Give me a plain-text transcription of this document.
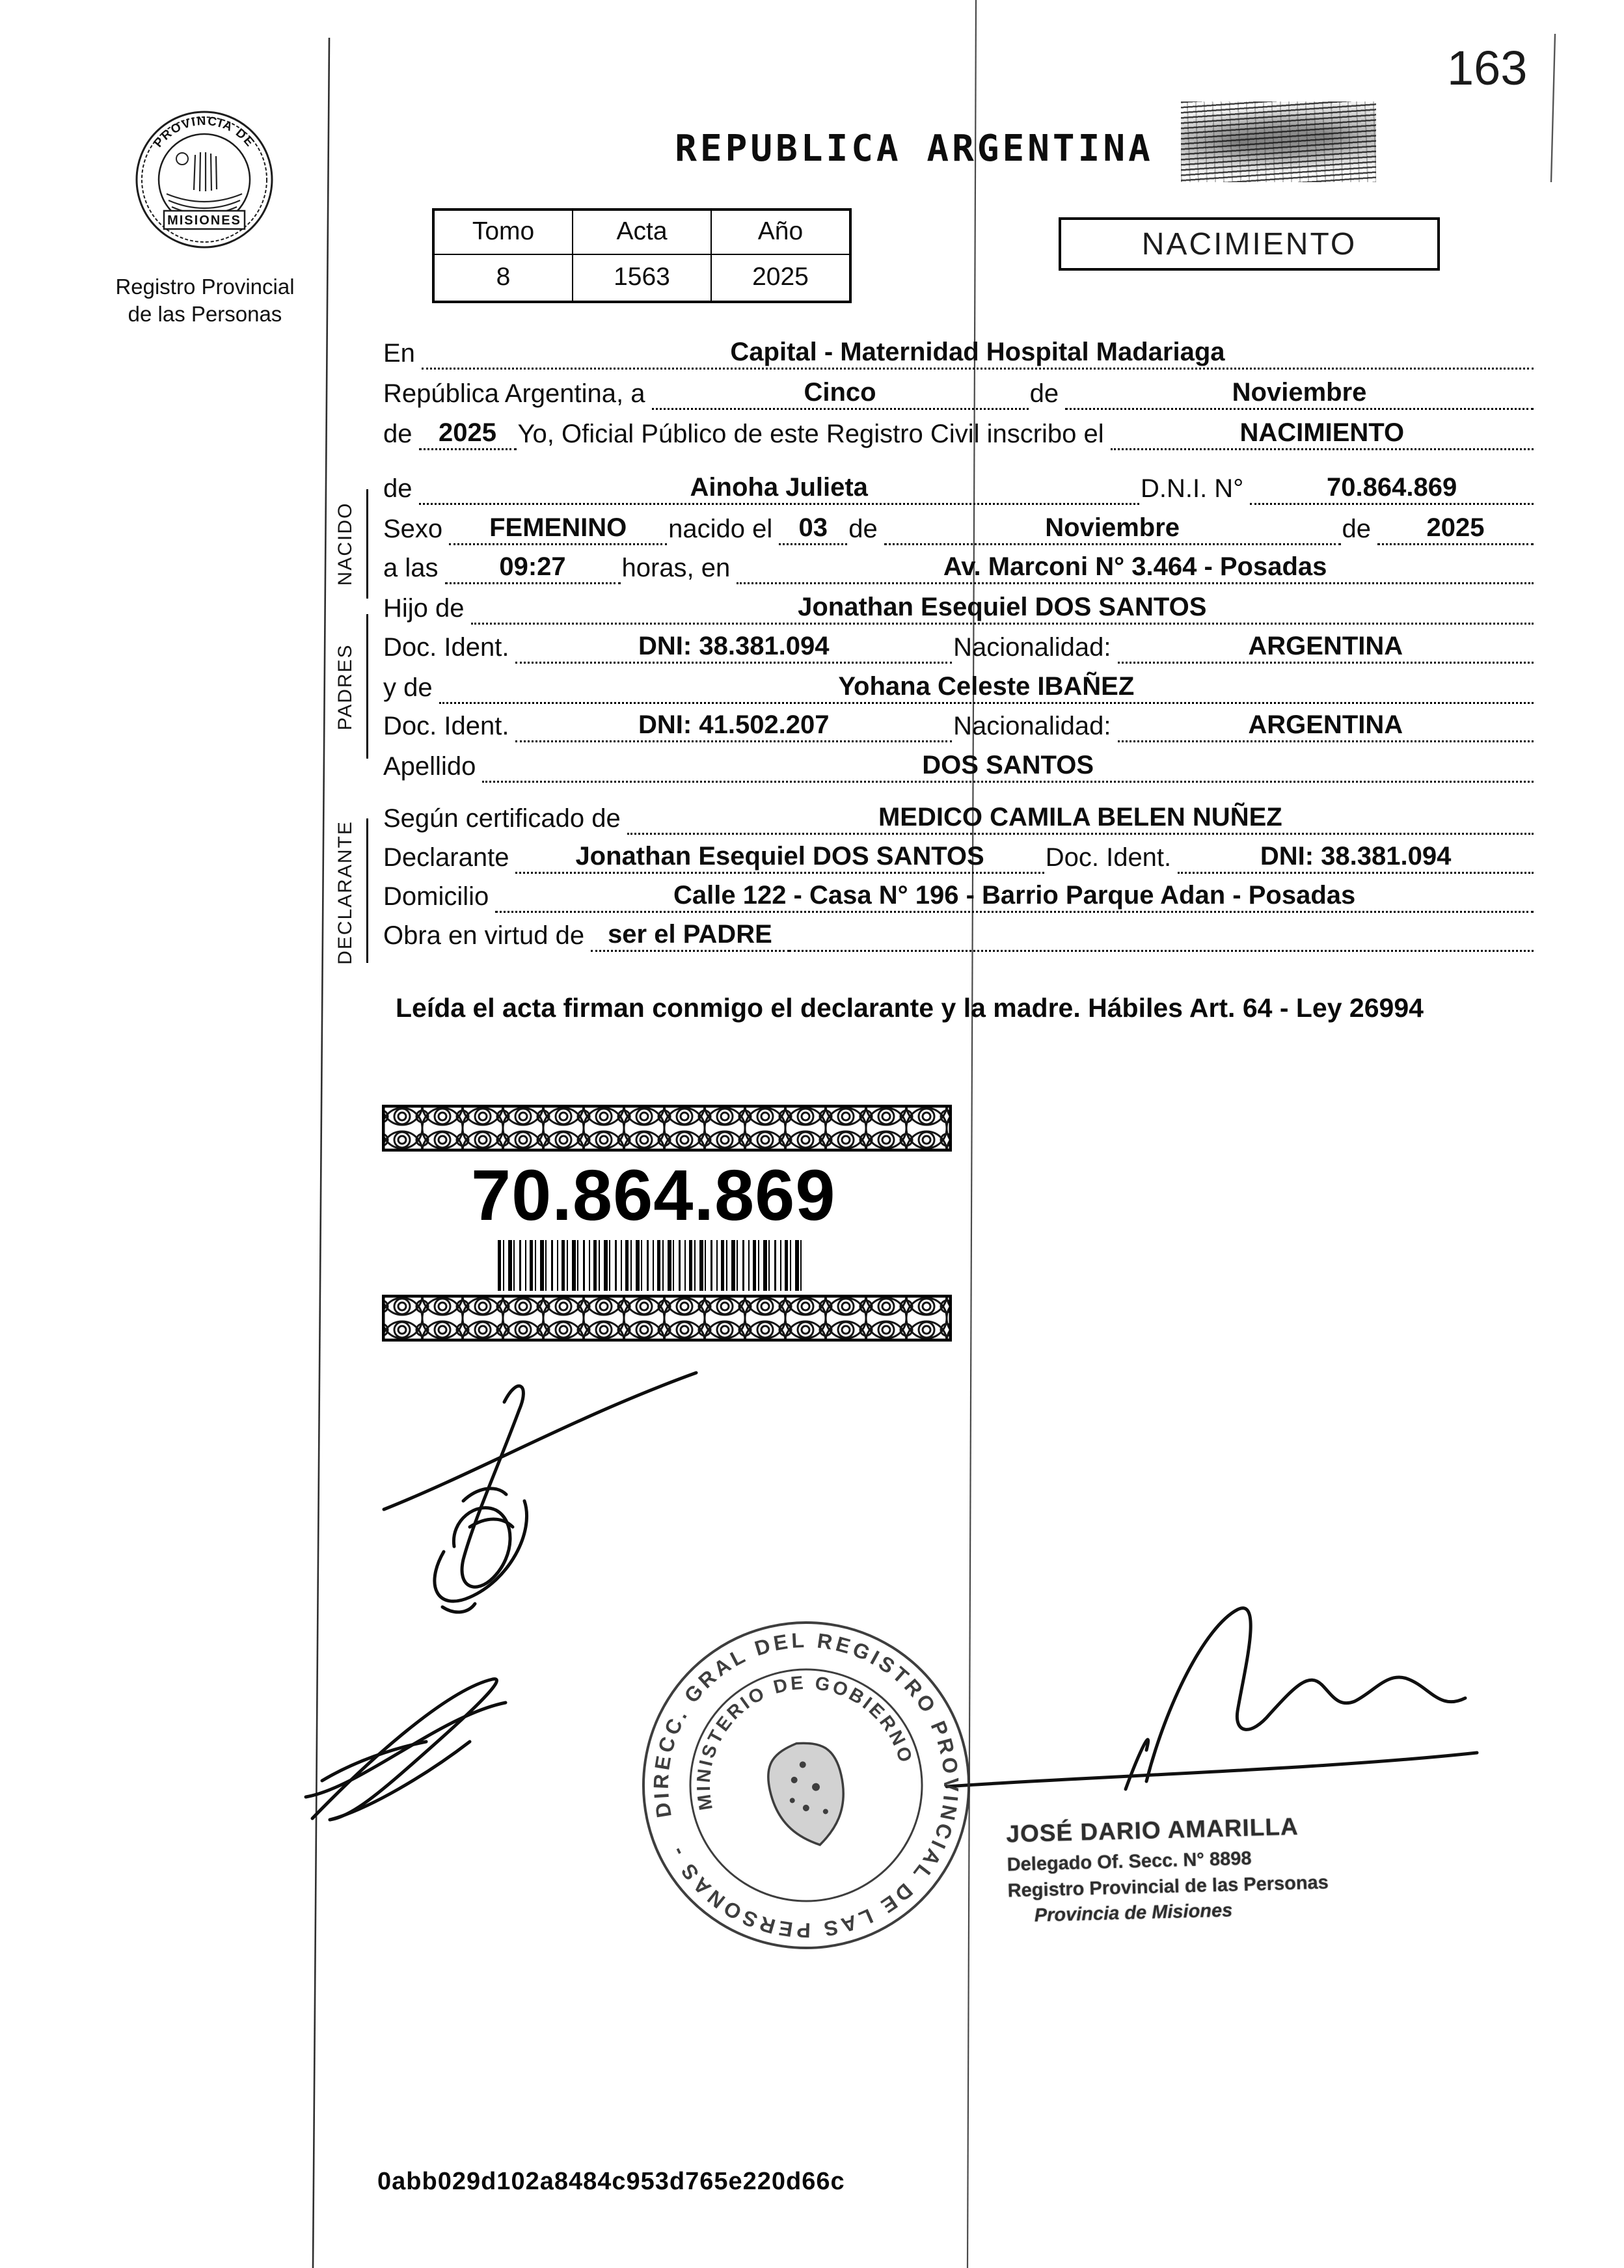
163
PROVINCIA DE
MISIONES
Registro Provincial
de las Personas
REPUBLICA ARGENTINA
Tomo	Acta	Año
8	1563	2025
NACIMIENTO
NACIDO
PADRES
DECLARANTE
En	Capital - Maternidad Hospital Madariaga
República Argentina, a	Cinco	de	Noviembre
de	2025 Yo, Oficial Público de este Registro Civil inscribo el	NACIMIENTO
de	Ainoha Julieta	D.N.I. N°	70.864.869
Sexo	FEMENINO	nacido el	03 de	Noviembre	de	2025
a las	09:27	horas, en	Av. Marconi N° 3.464 - Posadas
Hijo de	Jonathan Esequiel DOS SANTOS
Doc. Ident.	DNI: 38.381.094	Nacionalidad:	ARGENTINA
y de	Yohana Celeste IBAÑEZ
Doc. Ident.	DNI: 41.502.207	Nacionalidad:	ARGENTINA
Apellido	DOS SANTOS
Según certificado de	MEDICO CAMILA BELEN NUÑEZ
Declarante	Jonathan Esequiel DOS SANTOS	Doc. Ident.	DNI: 38.381.094
Domicilio	Calle 122 - Casa N° 196 - Barrio Parque Adan - Posadas
Obra en virtud de ser el PADRE
Leída el acta firman conmigo el declarante y la madre. Hábiles Art. 64 - Ley 26994
70.864.869
DIRECC. GRAL DEL REGISTRO PROVINCIAL DE LAS PERSONAS -
MINISTERIO DE GOBIERNO
JOSÉ DARIO AMARILLA
Delegado Of. Secc. N° 8898
Registro Provincial de las Personas
Provincia de Misiones
0abb029d102a8484c953d765e220d66c
